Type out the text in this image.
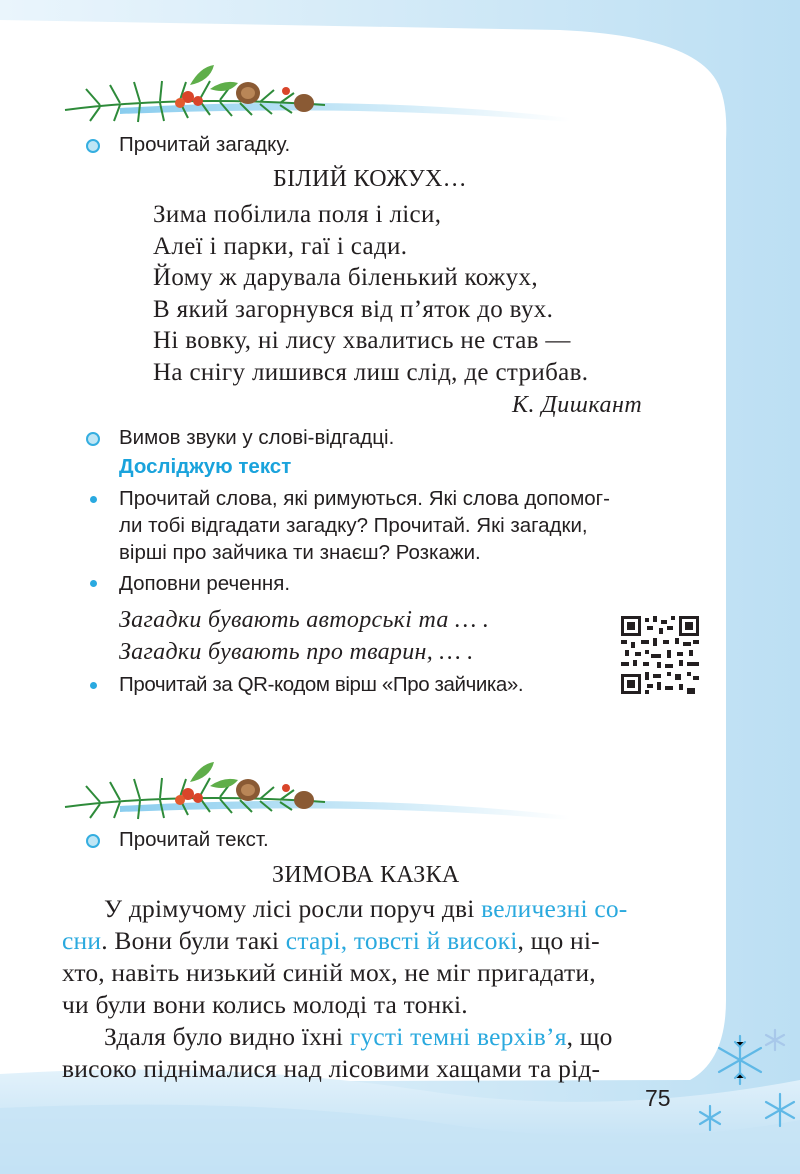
Прочитай загадку.
БІЛИЙ КОЖУХ…
Зима побілила поля і ліси,
Алеї і парки, гаї і сади.
Йому ж дарувала біленький кожух,
В який загорнувся від п’яток до вух.
Ні вовку, ні лису хвалитись не став —
На снігу лишився лиш слід, де стрибав.
К. Дишкант
Вимов звуки у слові-відгадці.
Досліджую текст
Прочитай слова, які римуються. Які слова допомог-
ли тобі відгадати загадку? Прочитай. Які загадки,
вірші про зайчика ти знаєш? Розкажи.
Доповни речення.
Загадки бувають авторські та … .
Загадки бувають про тварин, … .
Прочитай за QR-кодом вірш «Про зайчика».
Прочитай текст.
ЗИМОВА КАЗКА
У дрімучому лісі росли поруч дві величезні со-
сни. Вони були такі старі, товсті й високі, що ні-
хто, навіть низький синій мох, не міг пригадати,
чи були вони колись молоді та тонкі.
Здаля було видно їхні густі темні верхів’я, що
високо піднімалися над лісовими хащами та рід-
75
